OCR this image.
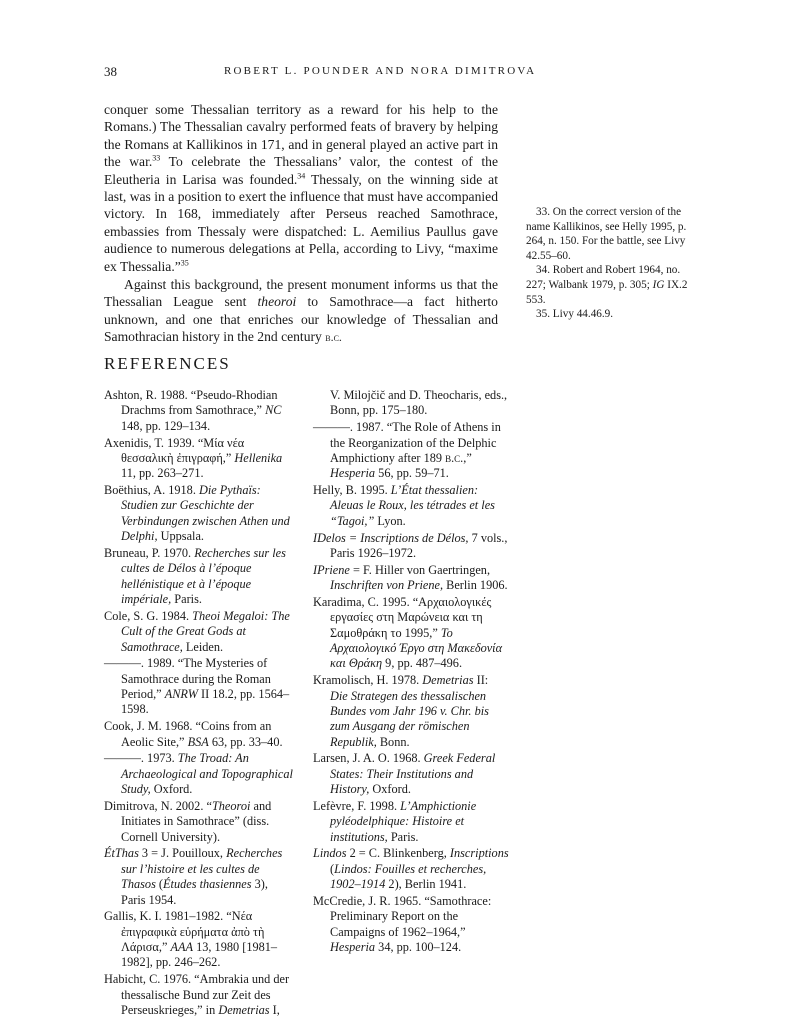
38	ROBERT L. POUNDER AND NORA DIMITROVA

conquer some Thessalian territory as a reward for his help to the Romans.) The Thessalian cavalry performed feats of bravery by helping the Romans at Kallikinos in 171, and in general played an active part in the war.$^{33}$ To celebrate the Thessalians’ valor, the contest of the Eleutheria in Larisa was founded.$^{34}$ Thessaly, on the winning side at last, was in a position to exert the influence that must have accompanied victory. In 168, immediately after Perseus reached Samothrace, embassies from Thessaly were dispatched: L. Aemilius Paullus gave audience to numerous delegations at Pella, according to Livy, “maxime ex Thessalia.”$^{35}$

Against this background, the present monument informs us that the Thessalian League sent theoroi to Samothrace—a fact hitherto unknown, and one that enriches our knowledge of Thessalian and Samothracian history in the 2nd century b.c.

33. On the correct version of the name Kallikinos, see Helly 1995, p. 264, n. 150. For the battle, see Livy 42.55–60.

34. Robert and Robert 1964, no. 227; Walbank 1979, p. 305; IG IX.2 553.

35. Livy 44.46.9.

REFERENCES

Ashton, R. 1988. “Pseudo-Rhodian Drachms from Samothrace,” NC 148, pp. 129–134.

Axenidis, T. 1939. “Μία νέα θεσσαλικὴ ἐπιγραφή,” Hellenika 11, pp. 263–271.

Boëthius, A. 1918. Die Pythaïs: Studien zur Geschichte der Verbindungen zwischen Athen und Delphi, Uppsala.

Bruneau, P. 1970. Recherches sur les cultes de Délos à l’époque hellénistique et à l’époque impériale, Paris.

Cole, S. G. 1984. Theoi Megaloi: The Cult of the Great Gods at Samothrace, Leiden.

———. 1989. “The Mysteries of Samothrace during the Roman Period,” ANRW II 18.2, pp. 1564–1598.

Cook, J. M. 1968. “Coins from an Aeolic Site,” BSA 63, pp. 33–40.

———. 1973. The Troad: An Archaeological and Topographical Study, Oxford.

Dimitrova, N. 2002. “Theoroi and Initiates in Samothrace” (diss. Cornell University).

ÉtThas 3 = J. Pouilloux, Recherches sur l’histoire et les cultes de Thasos (Études thasiennes 3), Paris 1954.

Gallis, K. I. 1981–1982. “Νέα ἐπιγραφικὰ εὑρήματα ἀπὸ τὴ Λάρισα,” AAA 13, 1980 [1981–1982], pp. 246–262.

Habicht, C. 1976. “Ambrakia und der thessalische Bund zur Zeit des Perseuskrieges,” in Demetrias I,

V. Milojčič and D. Theocharis, eds., Bonn, pp. 175–180.

———. 1987. “The Role of Athens in the Reorganization of the Delphic Amphictiony after 189 b.c.,” Hesperia 56, pp. 59–71.

Helly, B. 1995. L’État thessalien: Aleuas le Roux, les tétrades et les “Tagoi,” Lyon.

IDelos = Inscriptions de Délos, 7 vols., Paris 1926–1972.

IPriene = F. Hiller von Gaertringen, Inschriften von Priene, Berlin 1906.

Karadima, C. 1995. “Αρχαιολογικές εργασίες στη Μαρώνεια και τη Σαμοθράκη το 1995,” Το Αρχαιολογικό Έργο στη Μακεδονία και Θράκη 9, pp. 487–496.

Kramolisch, H. 1978. Demetrias II: Die Strategen des thessalischen Bundes vom Jahr 196 v. Chr. bis zum Ausgang der römischen Republik, Bonn.

Larsen, J. A. O. 1968. Greek Federal States: Their Institutions and History, Oxford.

Lefèvre, F. 1998. L’Amphictionie pyléodelphique: Histoire et institutions, Paris.

Lindos 2 = C. Blinkenberg, Inscriptions (Lindos: Fouilles et recherches, 1902–1914 2), Berlin 1941.

McCredie, J. R. 1965. “Samothrace: Preliminary Report on the Campaigns of 1962–1964,” Hesperia 34, pp. 100–124.
